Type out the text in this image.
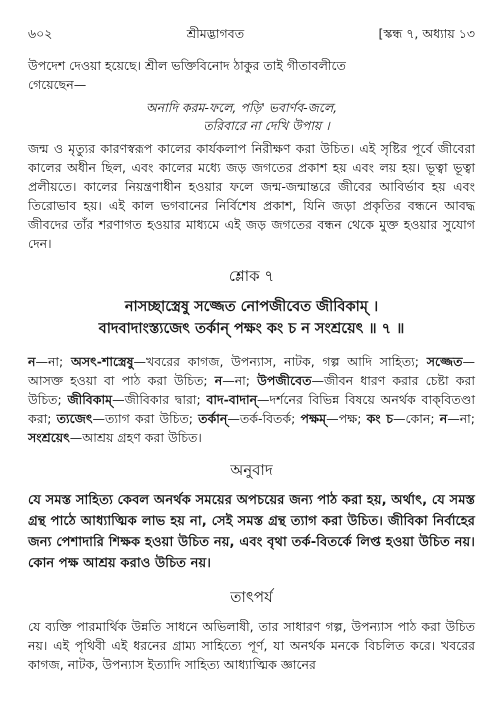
৬০২	শ্রীমদ্ভাগবত	[স্কন্ধ ৭, অধ্যায় ১৩

উপদেশ দেওয়া হয়েছে। শ্রীল ভক্তিবিনোদ ঠাকুর তাই গীতাবলীতে
গেয়েছেন—

অনাদি করম-ফলে, পড়ি' ভবার্ণব-জলে,
তরিবারে না দেখি উপায় ।

জন্ম ও মৃত্যুর কারণস্বরূপ কালের কার্যকলাপ নিরীক্ষণ করা উচিত। এই সৃষ্টির পূর্বে জীবেরা কালের অধীন ছিল, এবং কালের মধ্যে জড় জগতের প্রকাশ হয় এবং লয় হয়। ভূত্বা ভূত্বা প্রলীয়তে। কালের নিয়ন্ত্রণাধীন হওয়ার ফলে জন্ম-জন্মান্তরে জীবের আবির্ভাব হয় এবং তিরোভাব হয়। এই কাল ভগবানের নির্বিশেষ প্রকাশ, যিনি জড়া প্রকৃতির বন্ধনে আবদ্ধ জীবদের তাঁর শরণাগত হওয়ার মাধ্যমে এই জড় জগতের বন্ধন থেকে মুক্ত হওয়ার সুযোগ দেন।

শ্লোক ৭
নাসচ্ছাস্ত্রেষু সজ্জেত নোপজীবেত জীবিকাম্ ।
বাদবাদাংস্ত্যজেৎ তর্কান্ পক্ষং কং চ ন সংশ্রয়েৎ ॥ ৭ ॥

ন—না; অসৎ-শাস্ত্রেষু—খবরের কাগজ, উপন্যাস, নাটক, গল্প আদি সাহিত্য; সজ্জেত—আসক্ত হওয়া বা পাঠ করা উচিত; ন—না; উপজীবেত—জীবন ধারণ করার চেষ্টা করা উচিত; জীবিকাম্—জীবিকার দ্বারা; বাদ-বাদান্—দর্শনের বিভিন্ন বিষয়ে অনর্থক বাক্‌বিতণ্ডা করা; ত্যজেৎ—ত্যাগ করা উচিত; তর্কান্—তর্ক-বিতর্ক; পক্ষম্—পক্ষ; কং চ—কোন; ন—না; সংশ্রয়েৎ—আশ্রয় গ্রহণ করা উচিত।

অনুবাদ

যে সমস্ত সাহিত্য কেবল অনর্থক সময়ের অপচয়ের জন্য পাঠ করা হয়, অর্থাৎ, যে সমস্ত গ্রন্থ পাঠে আধ্যাত্মিক লাভ হয় না, সেই সমস্ত গ্রন্থ ত্যাগ করা উচিত। জীবিকা নির্বাহের জন্য পেশাদারি শিক্ষক হওয়া উচিত নয়, এবং বৃথা তর্ক-বিতর্কে লিপ্ত হওয়া উচিত নয়। কোন পক্ষ আশ্রয় করাও উচিত নয়।

তাৎপর্য

যে ব্যক্তি পারমার্থিক উন্নতি সাধনে অভিলাষী, তার সাধারণ গল্প, উপন্যাস পাঠ করা উচিত নয়। এই পৃথিবী এই ধরনের গ্রাম্য সাহিত্যে পূর্ণ, যা অনর্থক মনকে বিচলিত করে। খবরের কাগজ, নাটক, উপন্যাস ইত্যাদি সাহিত্য আধ্যাত্মিক জ্ঞানের
